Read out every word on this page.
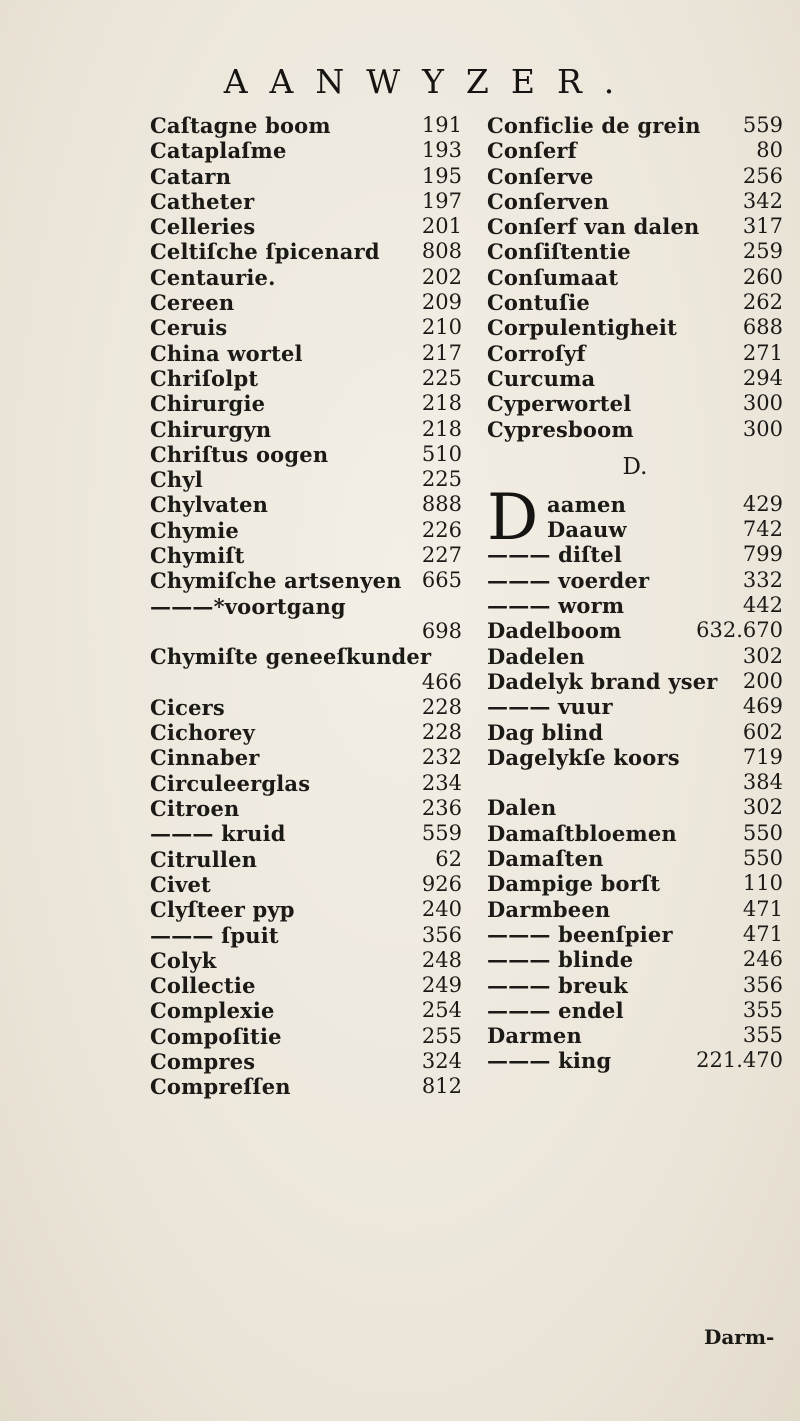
AANWYZER.
Caſtagne boom	191
Cataplaſme	193
Catarn	195
Catheter	197
Celleries	201
Celtiſche ſpicenard 808
Centaurie.	202
Cereen	209
Ceruis	210
China wortel	217
Chriſolpt	225
Chirurgie	218
Chirurgyn	218
Chriſtus oogen	510
Chyl	225
Chylvaten	888
Chymie	226
Chymiſt	227
Chymiſche artsenyen 665
———*voortgang
698
Chymiſte geneeſkunder
466
Cicers	228
Cichorey	228
Cinnaber	232
Circuleerglas	234
Citroen	236
——— kruid	559
Citrullen	62
Civet	926
Clyſteer pyp	240
——— ſpuit	356
Colyk	248
Collectie	249
Complexie	254
Compoſitie	255
Compres	324
Compreſſen	812
Conficlie de grein 559
Conſerf	80
Conſerve	256
Conſerven	342
Conſerf van dalen 317
Conſiſtentie	259
Conſumaat	260
Contuſie	262
Corpulentigheit	688
Corroſyf	271
Curcuma	294
Cyperwortel	300
Cypresboom	300
D.
D aamen	429
Daauw	742
——— diſtel	799
——— voerder	332
——— worm	442
Dadelboom	632.670
Dadelen	302
Dadelyk brand yser 200
——— vuur	469
Dag blind	602
Dagelykſe koors	719
384
Dalen	302
Damaſtbloemen	550
Damaſten	550
Dampige borſt	110
Darmbeen	471
——— beenſpier	471
——— blinde	246
——— breuk	356
——— endel	355
Darmen	355
——— king	221.470
Darm-
